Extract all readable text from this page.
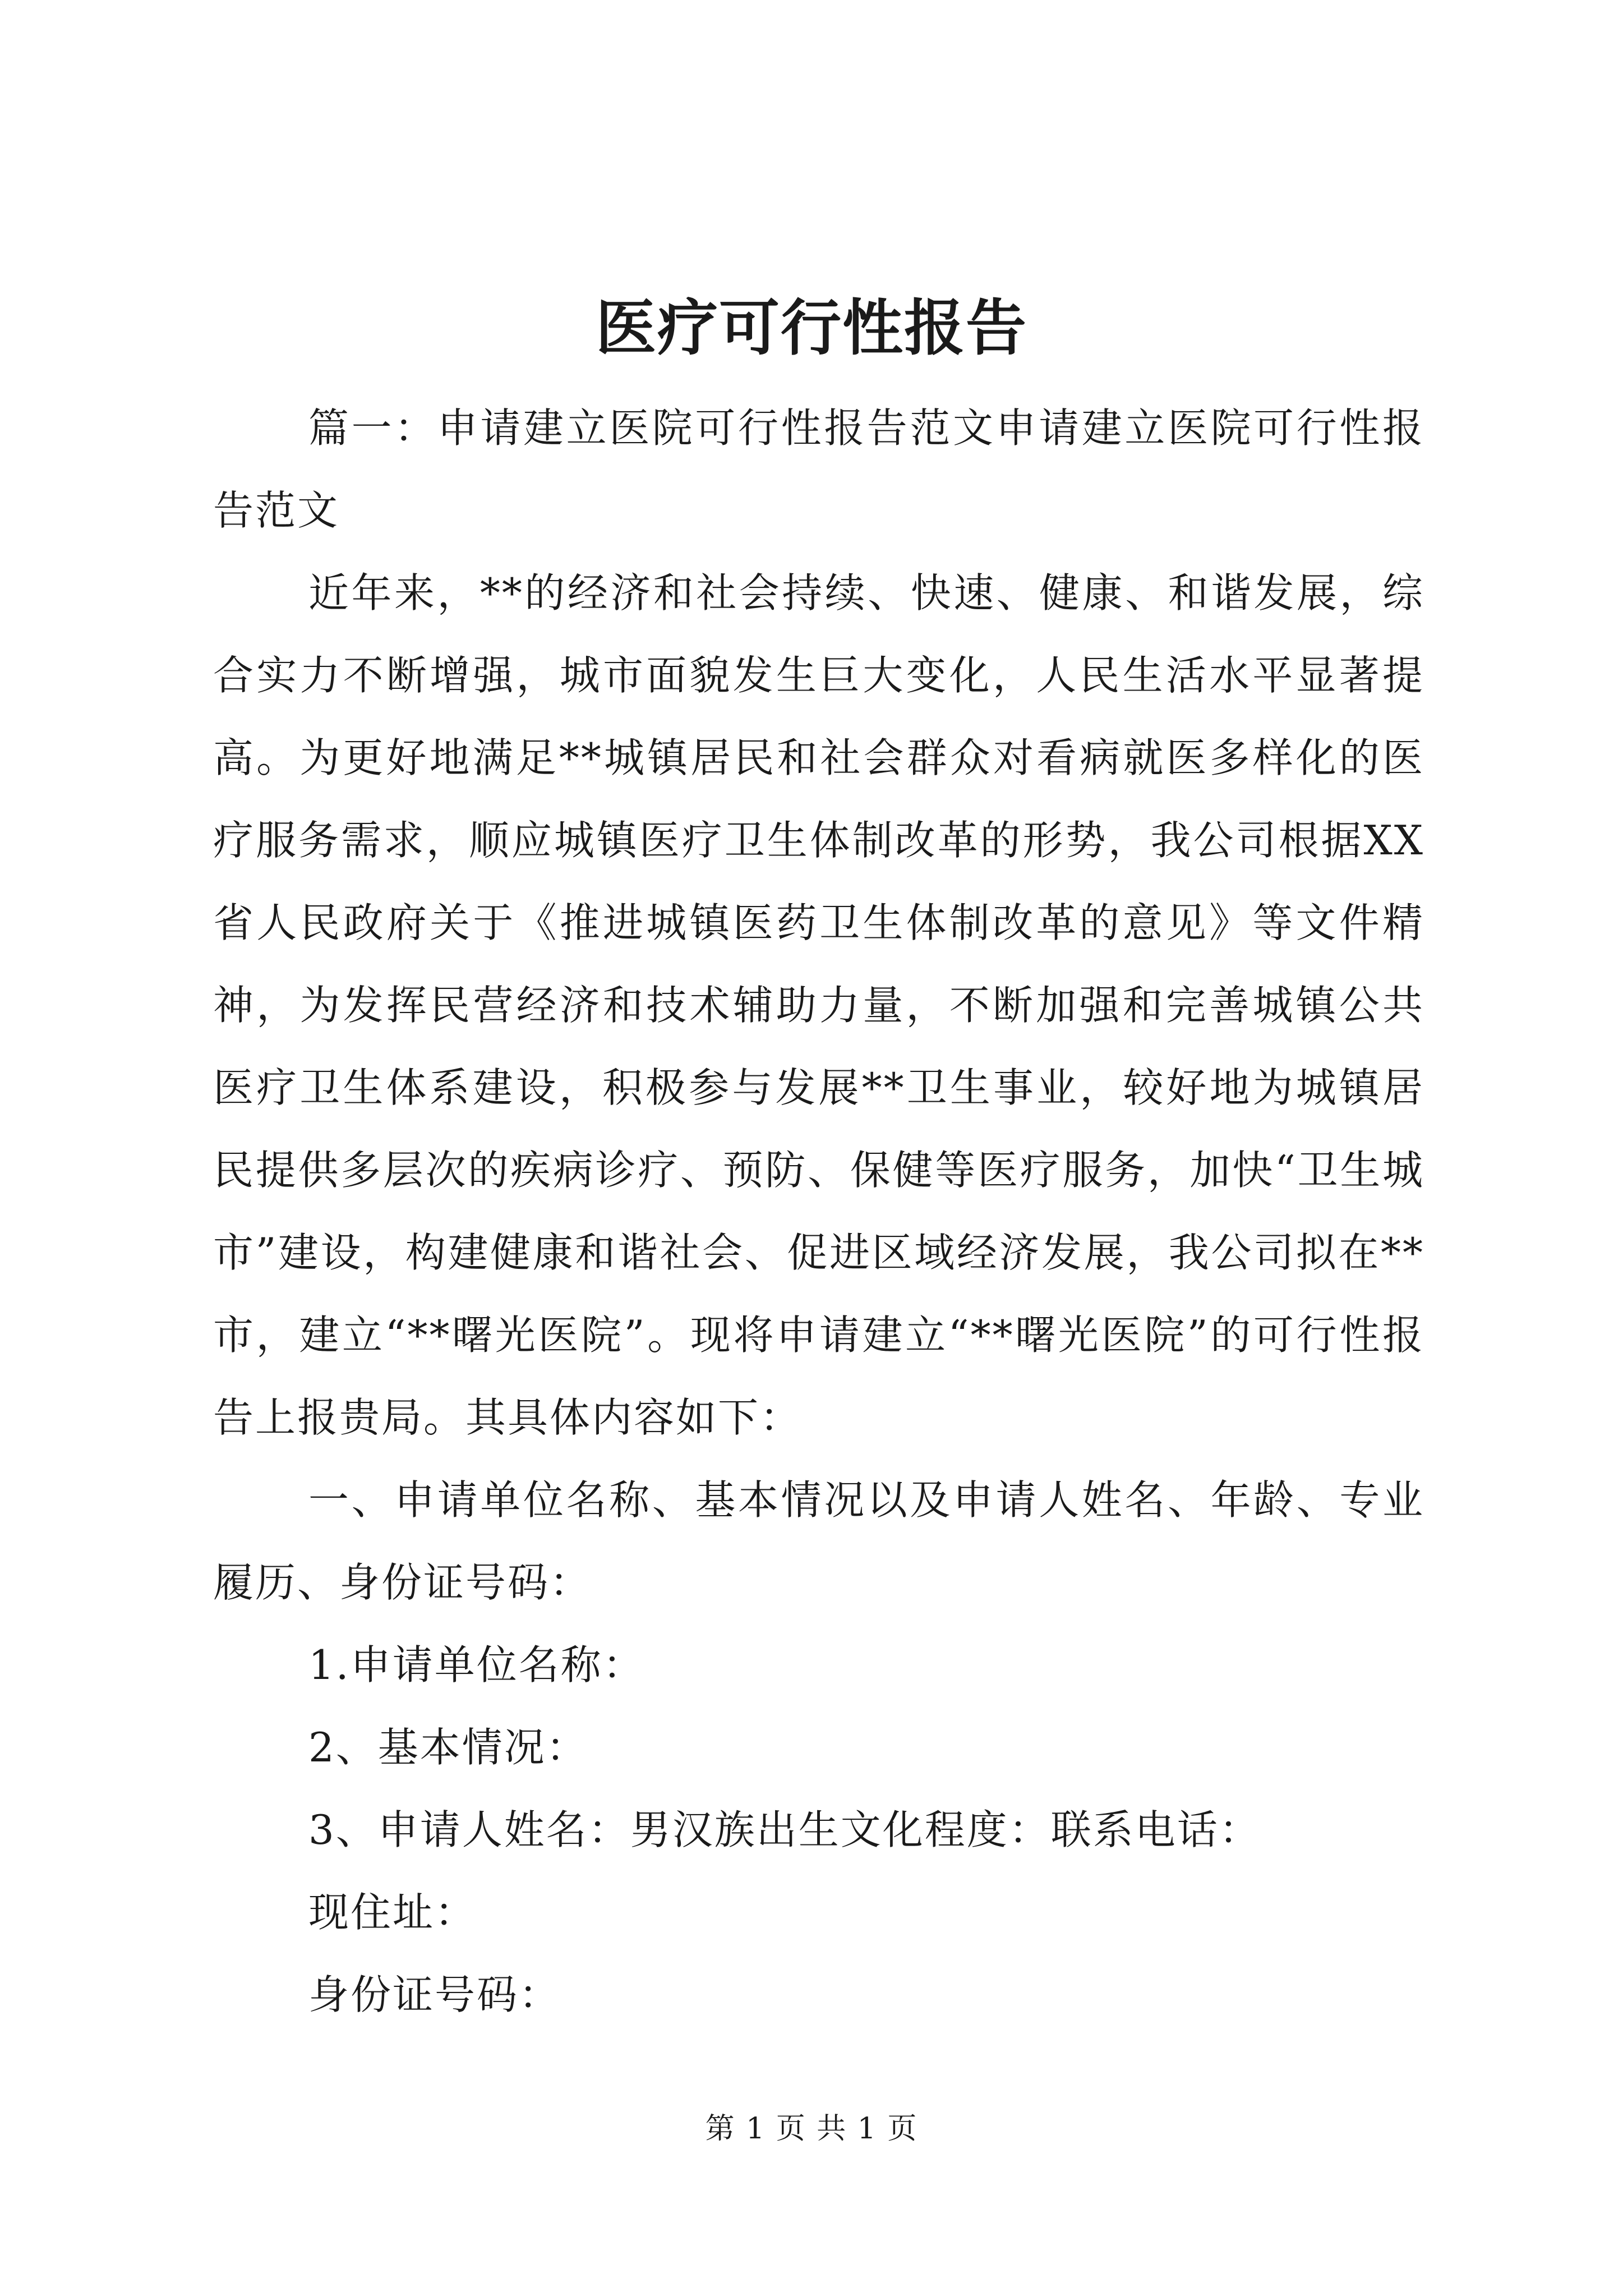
医疗可行性报告

篇一：申请建立医院可行性报告范文申请建立医院可行性报告范文

近年来，**的经济和社会持续、快速、健康、和谐发展，综合实力不断增强，城市面貌发生巨大变化，人民生活水平显著提高。为更好地满足**城镇居民和社会群众对看病就医多样化的医疗服务需求，顺应城镇医疗卫生体制改革的形势，我公司根据XX省人民政府关于《推进城镇医药卫生体制改革的意见》等文件精神，为发挥民营经济和技术辅助力量，不断加强和完善城镇公共医疗卫生体系建设，积极参与发展**卫生事业，较好地为城镇居民提供多层次的疾病诊疗、预防、保健等医疗服务，加快“卫生城市”建设，构建健康和谐社会、促进区域经济发展，我公司拟在**市，建立“**曙光医院”。现将申请建立“**曙光医院”的可行性报告上报贵局。其具体内容如下：

一、申请单位名称、基本情况以及申请人姓名、年龄、专业履历、身份证号码：

1.申请单位名称：

2、基本情况：

3、申请人姓名：男汉族出生文化程度：联系电话：

现住址：

身份证号码：

第 1 页 共 1 页
